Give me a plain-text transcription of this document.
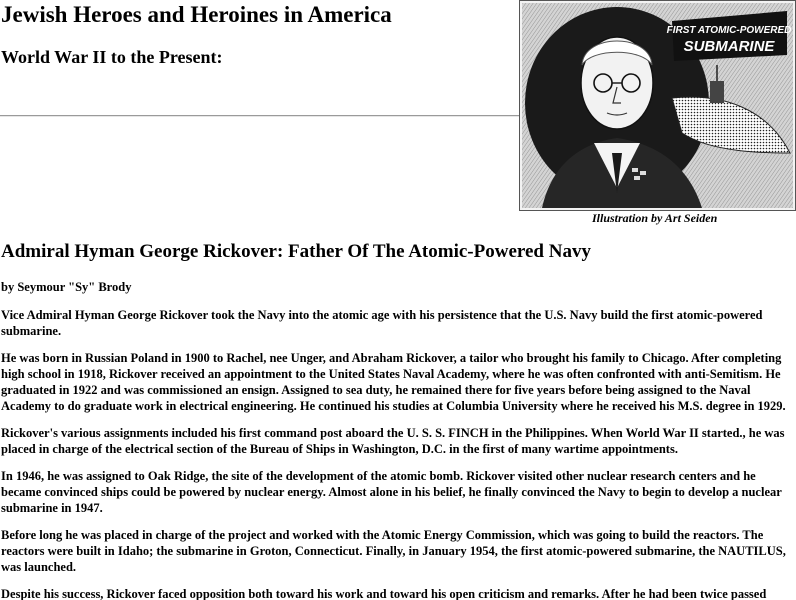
Jewish Heroes and Heroines in America
World War II to the Present:
FIRST ATOMIC-POWERED
SUBMARINE
Illustration by Art Seiden
Admiral Hyman George Rickover: Father Of The Atomic-Powered Navy

by Seymour "Sy" Brody

Vice Admiral Hyman George Rickover took the Navy into the atomic age with his persistence that the U.S. Navy build the first atomic-powered submarine.

He was born in Russian Poland in 1900 to Rachel, nee Unger, and Abraham Rickover, a tailor who brought his family to Chicago. After completing high school in 1918, Rickover received an appointment to the United States Naval Academy, where he was often confronted with anti-Semitism. He graduated in 1922 and was commissioned an ensign. Assigned to sea duty, he remained there for five years before being assigned to the Naval Academy to do graduate work in electrical engineering. He continued his studies at Columbia University where he received his M.S. degree in 1929.

Rickover's various assignments included his first command post aboard the U. S. S. FINCH in the Philippines. When World War II started., he was placed in charge of the electrical section of the Bureau of Ships in Washington, D.C. in the first of many wartime appointments.

In 1946, he was assigned to Oak Ridge, the site of the development of the atomic bomb. Rickover visited other nuclear research centers and he became convinced ships could be powered by nuclear energy. Almost alone in his belief, he finally convinced the Navy to begin to develop a nuclear submarine in 1947.

Before long he was placed in charge of the project and worked with the Atomic Energy Commission, which was going to build the reactors. The reactors were built in Idaho; the submarine in Groton, Connecticut. Finally, in January 1954, the first atomic-powered submarine, the NAUTILUS, was launched.

Despite his success, Rickover faced opposition both toward his work and toward his open criticism and remarks. After he had been twice passed
